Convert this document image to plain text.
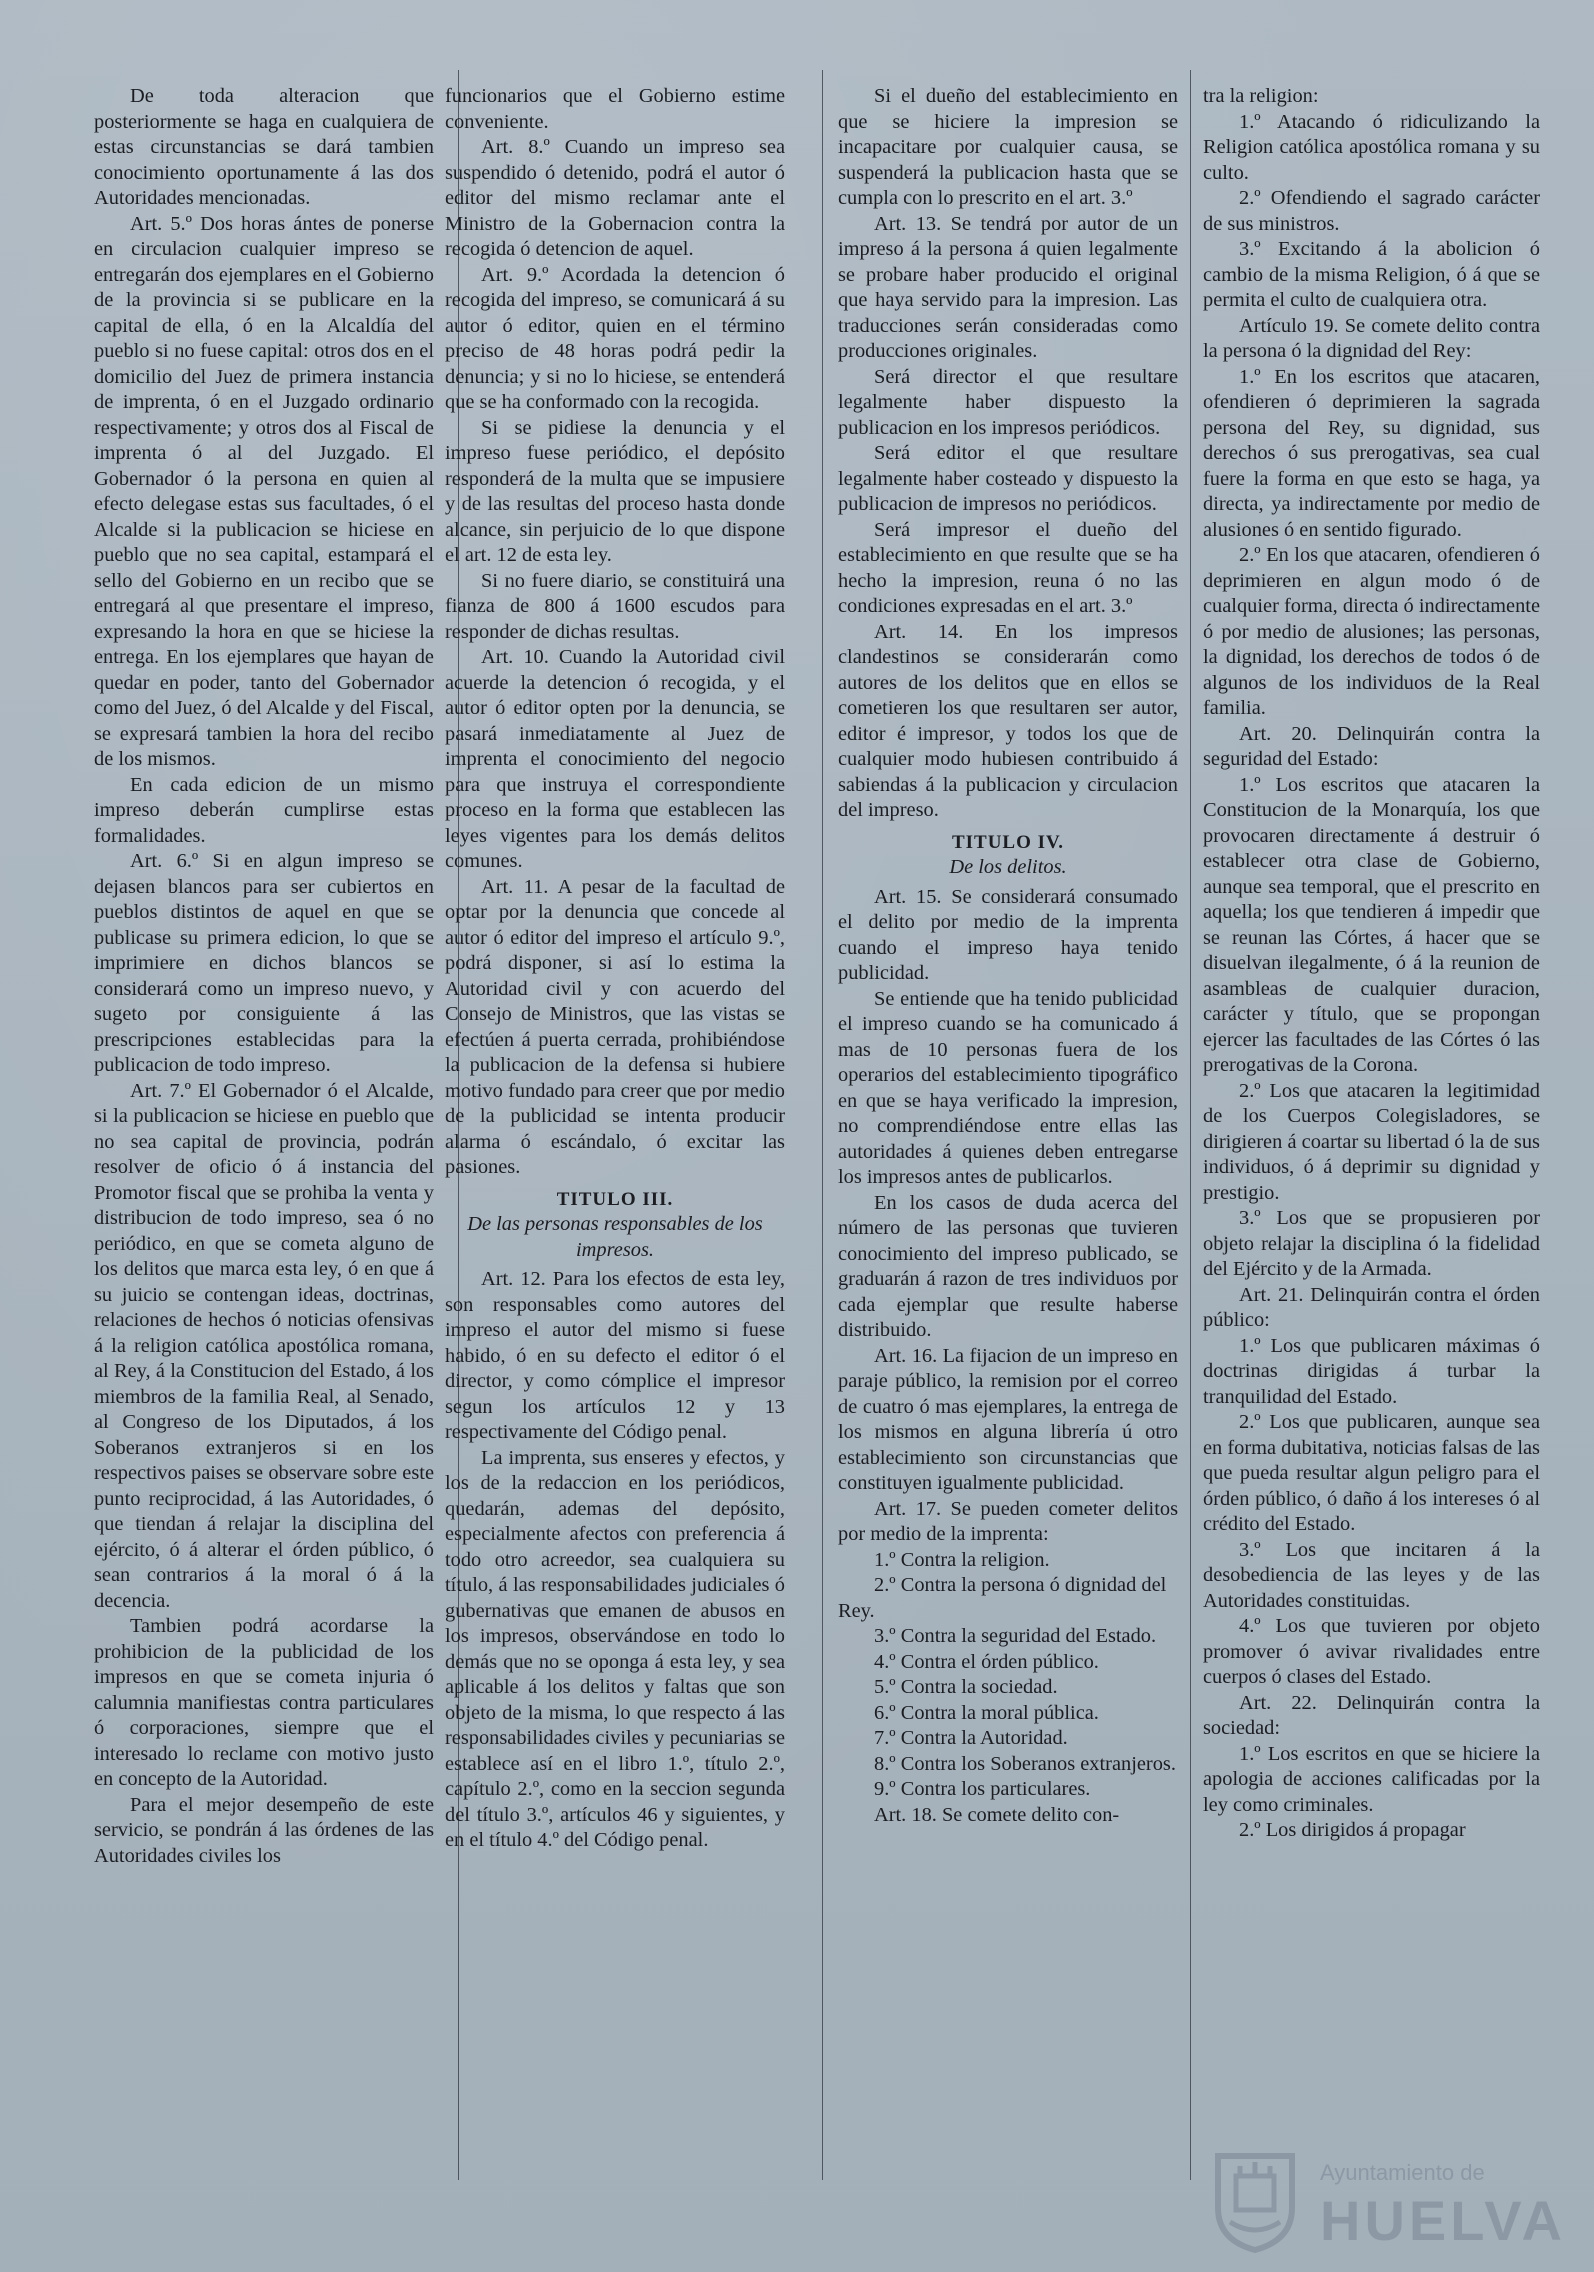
De toda alteracion que posteriormente se haga en cualquiera de estas circunstancias se dará tambien conocimiento oportunamente á las dos Autoridades mencionadas.

Art. 5.º Dos horas ántes de ponerse en circulacion cualquier impreso se entregarán dos ejemplares en el Gobierno de la provincia si se publicare en la capital de ella, ó en la Alcaldía del pueblo si no fuese capital: otros dos en el domicilio del Juez de primera instancia de imprenta, ó en el Juzgado ordinario respectivamente; y otros dos al Fiscal de imprenta ó al del Juzgado. El Gobernador ó la persona en quien al efecto delegase estas sus facultades, ó el Alcalde si la publicacion se hiciese en pueblo que no sea capital, estampará el sello del Gobierno en un recibo que se entregará al que presentare el impreso, expresando la hora en que se hiciese la entrega. En los ejemplares que hayan de quedar en poder, tanto del Gobernador como del Juez, ó del Alcalde y del Fiscal, se expresará tambien la hora del recibo de los mismos.

En cada edicion de un mismo impreso deberán cumplirse estas formalidades.

Art. 6.º Si en algun impreso se dejasen blancos para ser cubiertos en pueblos distintos de aquel en que se publicase su primera edicion, lo que se imprimiere en dichos blancos se considerará como un impreso nuevo, y sugeto por consiguiente á las prescripciones establecidas para la publicacion de todo impreso.

Art. 7.º El Gobernador ó el Alcalde, si la publicacion se hiciese en pueblo que no sea capital de provincia, podrán resolver de oficio ó á instancia del Promotor fiscal que se prohiba la venta y distribucion de todo impreso, sea ó no periódico, en que se cometa alguno de los delitos que marca esta ley, ó en que á su juicio se contengan ideas, doctrinas, relaciones de hechos ó noticias ofensivas á la religion católica apostólica romana, al Rey, á la Constitucion del Estado, á los miembros de la familia Real, al Senado, al Congreso de los Diputados, á los Soberanos extranjeros si en los respectivos paises se observare sobre este punto reciprocidad, á las Autoridades, ó que tiendan á relajar la disciplina del ejército, ó á alterar el órden público, ó sean contrarios á la moral ó á la decencia.

Tambien podrá acordarse la prohibicion de la publicidad de los impresos en que se cometa injuria ó calumnia manifiestas contra particulares ó corporaciones, siempre que el interesado lo reclame con motivo justo en concepto de la Autoridad.

Para el mejor desempeño de este servicio, se pondrán á las órdenes de las Autoridades civiles los

funcionarios que el Gobierno estime conveniente.

Art. 8.º Cuando un impreso sea suspendido ó detenido, podrá el autor ó editor del mismo reclamar ante el Ministro de la Gobernacion contra la recogida ó detencion de aquel.

Art. 9.º Acordada la detencion ó recogida del impreso, se comunicará á su autor ó editor, quien en el término preciso de 48 horas podrá pedir la denuncia; y si no lo hiciese, se entenderá que se ha conformado con la recogida.

Si se pidiese la denuncia y el impreso fuese periódico, el depósito responderá de la multa que se impusiere y de las resultas del proceso hasta donde alcance, sin perjuicio de lo que dispone el art. 12 de esta ley.

Si no fuere diario, se constituirá una fianza de 800 á 1600 escudos para responder de dichas resultas.

Art. 10. Cuando la Autoridad civil acuerde la detencion ó recogida, y el autor ó editor opten por la denuncia, se pasará inmediatamente al Juez de imprenta el conocimiento del negocio para que instruya el correspondiente proceso en la forma que establecen las leyes vigentes para los demás delitos comunes.

Art. 11. A pesar de la facultad de optar por la denuncia que concede al autor ó editor del impreso el artículo 9.º, podrá disponer, si así lo estima la Autoridad civil y con acuerdo del Consejo de Ministros, que las vistas se efectúen á puerta cerrada, prohibiéndose la publicacion de la defensa si hubiere motivo fundado para creer que por medio de la publicidad se intenta producir alarma ó escándalo, ó excitar las pasiones.

TITULO III.

De las personas responsables de los impresos.

Art. 12. Para los efectos de esta ley, son responsables como autores del impreso el autor del mismo si fuese habido, ó en su defecto el editor ó el director, y como cómplice el impresor segun los artículos 12 y 13 respectivamente del Código penal.

La imprenta, sus enseres y efectos, y los de la redaccion en los periódicos, quedarán, ademas del depósito, especialmente afectos con preferencia á todo otro acreedor, sea cualquiera su título, á las responsabilidades judiciales ó gubernativas que emanen de abusos en los impresos, observándose en todo lo demás que no se oponga á esta ley, y sea aplicable á los delitos y faltas que son objeto de la misma, lo que respecto á las responsabilidades civiles y pecuniarias se establece así en el libro 1.º, título 2.º, capítulo 2.º, como en la seccion segunda del título 3.º, artículos 46 y siguientes, y en el título 4.º del Código penal.

Si el dueño del establecimiento en que se hiciere la impresion se incapacitare por cualquier causa, se suspenderá la publicacion hasta que se cumpla con lo prescrito en el art. 3.º

Art. 13. Se tendrá por autor de un impreso á la persona á quien legalmente se probare haber producido el original que haya servido para la impresion. Las traducciones serán consideradas como producciones originales.

Será director el que resultare legalmente haber dispuesto la publicacion en los impresos periódicos.

Será editor el que resultare legalmente haber costeado y dispuesto la publicacion de impresos no periódicos.

Será impresor el dueño del establecimiento en que resulte que se ha hecho la impresion, reuna ó no las condiciones expresadas en el art. 3.º

Art. 14. En los impresos clandestinos se considerarán como autores de los delitos que en ellos se cometieren los que resultaren ser autor, editor é impresor, y todos los que de cualquier modo hubiesen contribuido á sabiendas á la publicacion y circulacion del impreso.

TITULO IV.

De los delitos.

Art. 15. Se considerará consumado el delito por medio de la imprenta cuando el impreso haya tenido publicidad.

Se entiende que ha tenido publicidad el impreso cuando se ha comunicado á mas de 10 personas fuera de los operarios del establecimiento tipográfico en que se haya verificado la impresion, no comprendiéndose entre ellas las autoridades á quienes deben entregarse los impresos antes de publicarlos.

En los casos de duda acerca del número de las personas que tuvieren conocimiento del impreso publicado, se graduarán á razon de tres individuos por cada ejemplar que resulte haberse distribuido.

Art. 16. La fijacion de un impreso en paraje público, la remision por el correo de cuatro ó mas ejemplares, la entrega de los mismos en alguna librería ú otro establecimiento son circunstancias que constituyen igualmente publicidad.

Art. 17. Se pueden cometer delitos por medio de la imprenta:

1.º Contra la religion.

2.º Contra la persona ó dignidad del Rey.

3.º Contra la seguridad del Estado.

4.º Contra el órden público.

5.º Contra la sociedad.

6.º Contra la moral pública.

7.º Contra la Autoridad.

8.º Contra los Soberanos extranjeros.

9.º Contra los particulares.

Art. 18. Se comete delito con-

tra la religion:

1.º Atacando ó ridiculizando la Religion católica apostólica romana y su culto.

2.º Ofendiendo el sagrado carácter de sus ministros.

3.º Excitando á la abolicion ó cambio de la misma Religion, ó á que se permita el culto de cualquiera otra.

Artículo 19. Se comete delito contra la persona ó la dignidad del Rey:

1.º En los escritos que atacaren, ofendieren ó deprimieren la sagrada persona del Rey, su dignidad, sus derechos ó sus prerogativas, sea cual fuere la forma en que esto se haga, ya directa, ya indirectamente por medio de alusiones ó en sentido figurado.

2.º En los que atacaren, ofendieren ó deprimieren en algun modo ó de cualquier forma, directa ó indirectamente ó por medio de alusiones; las personas, la dignidad, los derechos de todos ó de algunos de los individuos de la Real familia.

Art. 20. Delinquirán contra la seguridad del Estado:

1.º Los escritos que atacaren la Constitucion de la Monarquía, los que provocaren directamente á destruir ó establecer otra clase de Gobierno, aunque sea temporal, que el prescrito en aquella; los que tendieren á impedir que se reunan las Córtes, á hacer que se disuelvan ilegalmente, ó á la reunion de asambleas de cualquier duracion, carácter y título, que se propongan ejercer las facultades de las Córtes ó las prerogativas de la Corona.

2.º Los que atacaren la legitimidad de los Cuerpos Colegisladores, se dirigieren á coartar su libertad ó la de sus individuos, ó á deprimir su dignidad y prestigio.

3.º Los que se propusieren por objeto relajar la disciplina ó la fidelidad del Ejército y de la Armada.

Art. 21. Delinquirán contra el órden público:

1.º Los que publicaren máximas ó doctrinas dirigidas á turbar la tranquilidad del Estado.

2.º Los que publicaren, aunque sea en forma dubitativa, noticias falsas de las que pueda resultar algun peligro para el órden público, ó daño á los intereses ó al crédito del Estado.

3.º Los que incitaren á la desobediencia de las leyes y de las Autoridades constituidas.

4.º Los que tuvieren por objeto promover ó avivar rivalidades entre cuerpos ó clases del Estado.

Art. 22. Delinquirán contra la sociedad:

1.º Los escritos en que se hiciere la apologia de acciones calificadas por la ley como criminales.

2.º Los dirigidos á propagar

Ayuntamiento de
HUELVA
